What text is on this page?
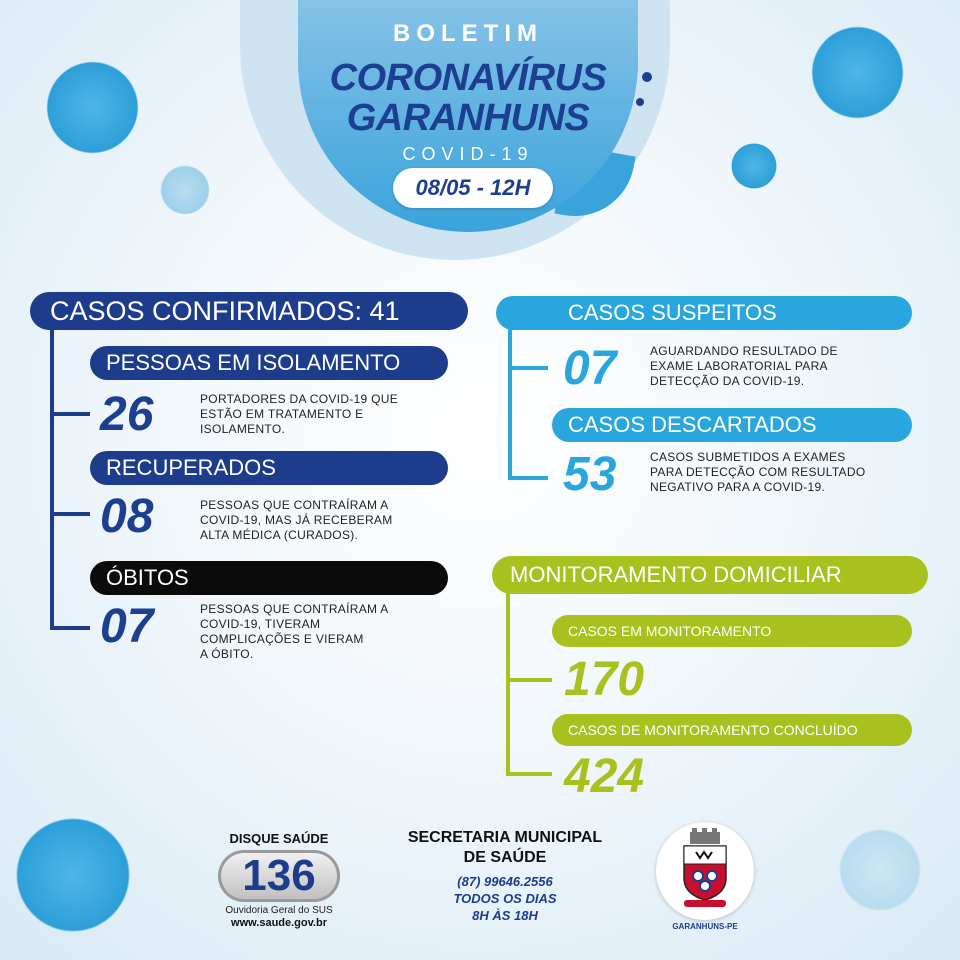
BOLETIM
CORONAVÍRUS
GARANHUNS
COVID-19
08/05 - 12H
CASOS CONFIRMADOS: 41
PESSOAS EM ISOLAMENTO
26	PORTADORES DA COVID-19 QUE
ESTÃO EM TRATAMENTO E
ISOLAMENTO.
RECUPERADOS
08	PESSOAS QUE CONTRAÍRAM A
COVID-19, MAS JÁ RECEBERAM
ALTA MÉDICA (CURADOS).
ÓBITOS
07	PESSOAS QUE CONTRAÍRAM A
COVID-19, TIVERAM
COMPLICAÇÕES E VIERAM
A ÓBITO.
CASOS SUSPEITOS
07	AGUARDANDO RESULTADO DE
EXAME LABORATORIAL PARA
DETECÇÃO DA COVID-19.
CASOS DESCARTADOS
53	CASOS SUBMETIDOS A EXAMES
PARA DETECÇÃO COM RESULTADO
NEGATIVO PARA A COVID-19.
MONITORAMENTO DOMICILIAR
CASOS EM MONITORAMENTO
170
CASOS DE MONITORAMENTO CONCLUÍDO
424
DISQUE SAÚDE
136
Ouvidoria Geral do SUS
www.saude.gov.br
SECRETARIA MUNICIPAL
DE SAÚDE
(87) 99646.2556
TODOS OS DIAS
8H ÀS 18H
GARANHUNS-PE
